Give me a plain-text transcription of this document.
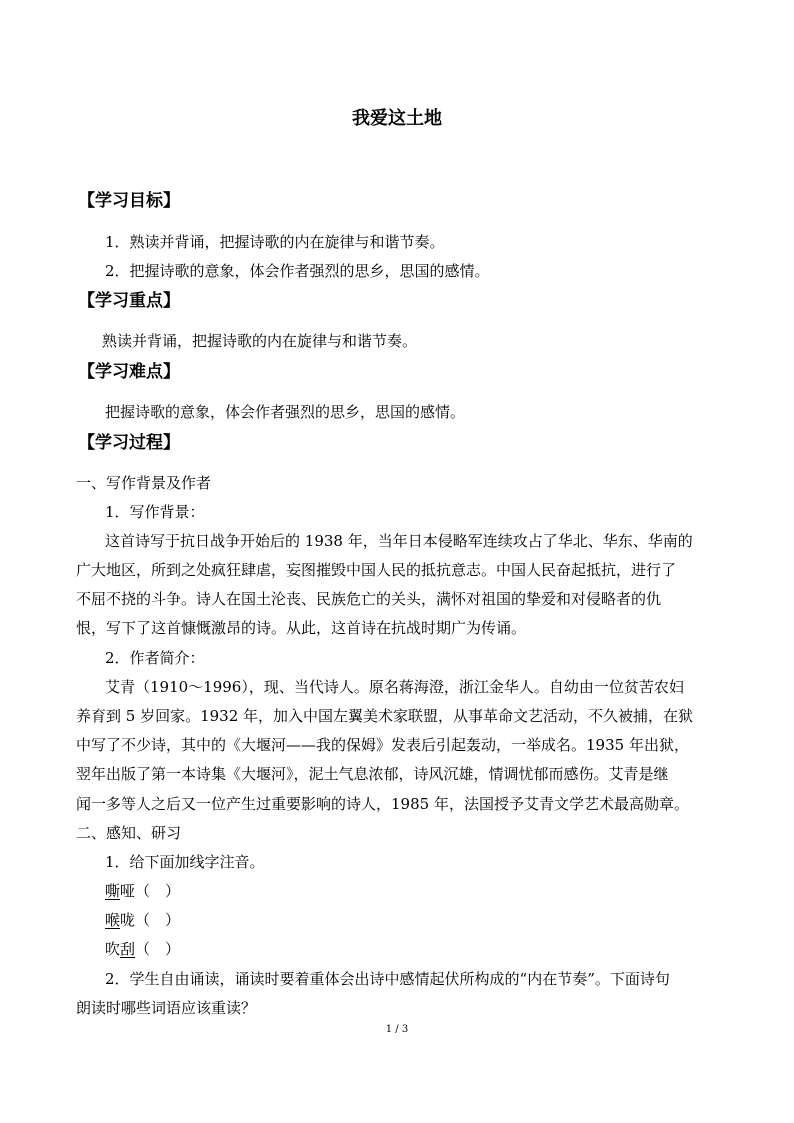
我爱这土地
【学习目标】
1．熟读并背诵，把握诗歌的内在旋律与和谐节奏。
2．把握诗歌的意象，体会作者强烈的思乡，思国的感情。
【学习重点】
熟读并背诵，把握诗歌的内在旋律与和谐节奏。
【学习难点】
把握诗歌的意象，体会作者强烈的思乡，思国的感情。
【学习过程】
一、写作背景及作者
1．写作背景：
这首诗写于抗日战争开始后的 1938 年，当年日本侵略军连续攻占了华北、华东、华南的
广大地区，所到之处疯狂肆虐，妄图摧毁中国人民的抵抗意志。中国人民奋起抵抗，进行了
不屈不挠的斗争。诗人在国土沦丧、民族危亡的关头，满怀对祖国的挚爱和对侵略者的仇
恨，写下了这首慷慨激昂的诗。从此，这首诗在抗战时期广为传诵。
2．作者简介：
艾青（1910～1996），现、当代诗人。原名蒋海澄，浙江金华人。自幼由一位贫苦农妇
养育到 5 岁回家。1932 年，加入中国左翼美术家联盟，从事革命文艺活动，不久被捕，在狱
中写了不少诗，其中的《大堰河——我的保姆》发表后引起轰动，一举成名。1935 年出狱，
翌年出版了第一本诗集《大堰河》，泥土气息浓郁，诗风沉雄，情调忧郁而感伤。艾青是继
闻一多等人之后又一位产生过重要影响的诗人，1985 年，法国授予艾青文学艺术最高勋章。
二、感知、研习
1．给下面加线字注音。
嘶哑（　）
喉咙（　）
吹刮（　）
2．学生自由诵读，诵读时要着重体会出诗中感情起伏所构成的“内在节奏”。下面诗句
朗读时哪些词语应该重读？
1 / 3
